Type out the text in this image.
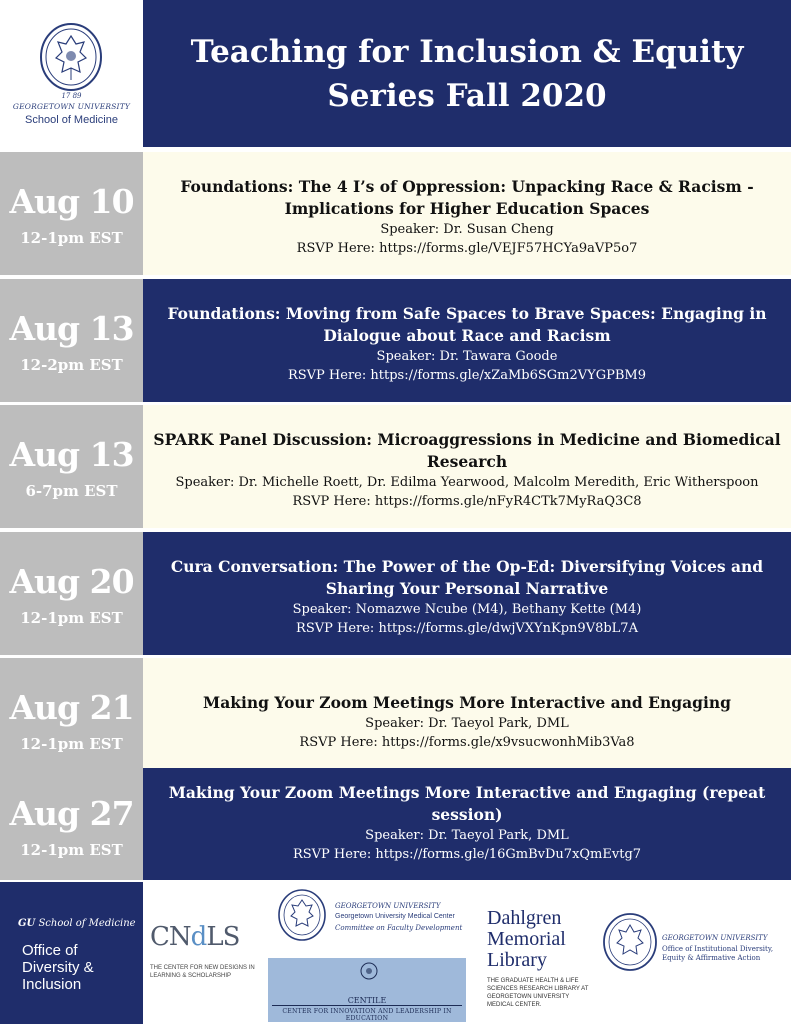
17 89
GEORGETOWN UNIVERSITY
School of Medicine
Teaching for Inclusion & Equity
Series Fall 2020
Aug 10
12-1pm EST
Foundations: The 4 I’s of Oppression: Unpacking Race & Racism - Implications for Higher Education Spaces
Speaker: Dr. Susan Cheng
RSVP Here: https://forms.gle/VEJF57HCYa9aVP5o7
Aug 13
12-2pm EST
Foundations: Moving from Safe Spaces to Brave Spaces: Engaging in Dialogue about Race and Racism
Speaker: Dr. Tawara Goode
RSVP Here: https://forms.gle/xZaMb6SGm2VYGPBM9
Aug 13
6-7pm EST
SPARK Panel Discussion: Microaggressions in Medicine and Biomedical Research
Speaker: Dr. Michelle Roett, Dr. Edilma Yearwood, Malcolm Meredith, Eric Witherspoon
RSVP Here: https://forms.gle/nFyR4CTk7MyRaQ3C8
Aug 20
12-1pm EST
Cura Conversation: The Power of the Op-Ed: Diversifying Voices and Sharing Your Personal Narrative
Speaker: Nomazwe Ncube (M4), Bethany Kette (M4)
RSVP Here: https://forms.gle/dwjVXYnKpn9V8bL7A
Aug 21
12-1pm EST
Making Your Zoom Meetings More Interactive and Engaging
Speaker: Dr. Taeyol Park, DML
RSVP Here: https://forms.gle/x9vsucwonhMib3Va8
Aug 27
12-1pm EST
Making Your Zoom Meetings More Interactive and Engaging (repeat session)
Speaker: Dr. Taeyol Park, DML
RSVP Here: https://forms.gle/16GmBvDu7xQmEvtg7
GU School of Medicine
Office of Diversity & Inclusion
CNdLS
THE CENTER FOR NEW DESIGNS IN LEARNING & SCHOLARSHIP
GEORGETOWN UNIVERSITY
Georgetown University Medical Center
Committee on Faculty Development
CENTILE
CENTER FOR INNOVATION AND LEADERSHIP IN EDUCATION
Dahlgren
Memorial
Library
THE GRADUATE HEALTH & LIFE SCIENCES RESEARCH LIBRARY AT GEORGETOWN UNIVERSITY MEDICAL CENTER.
GEORGETOWN UNIVERSITY
Office of Institutional Diversity, Equity & Affirmative Action
